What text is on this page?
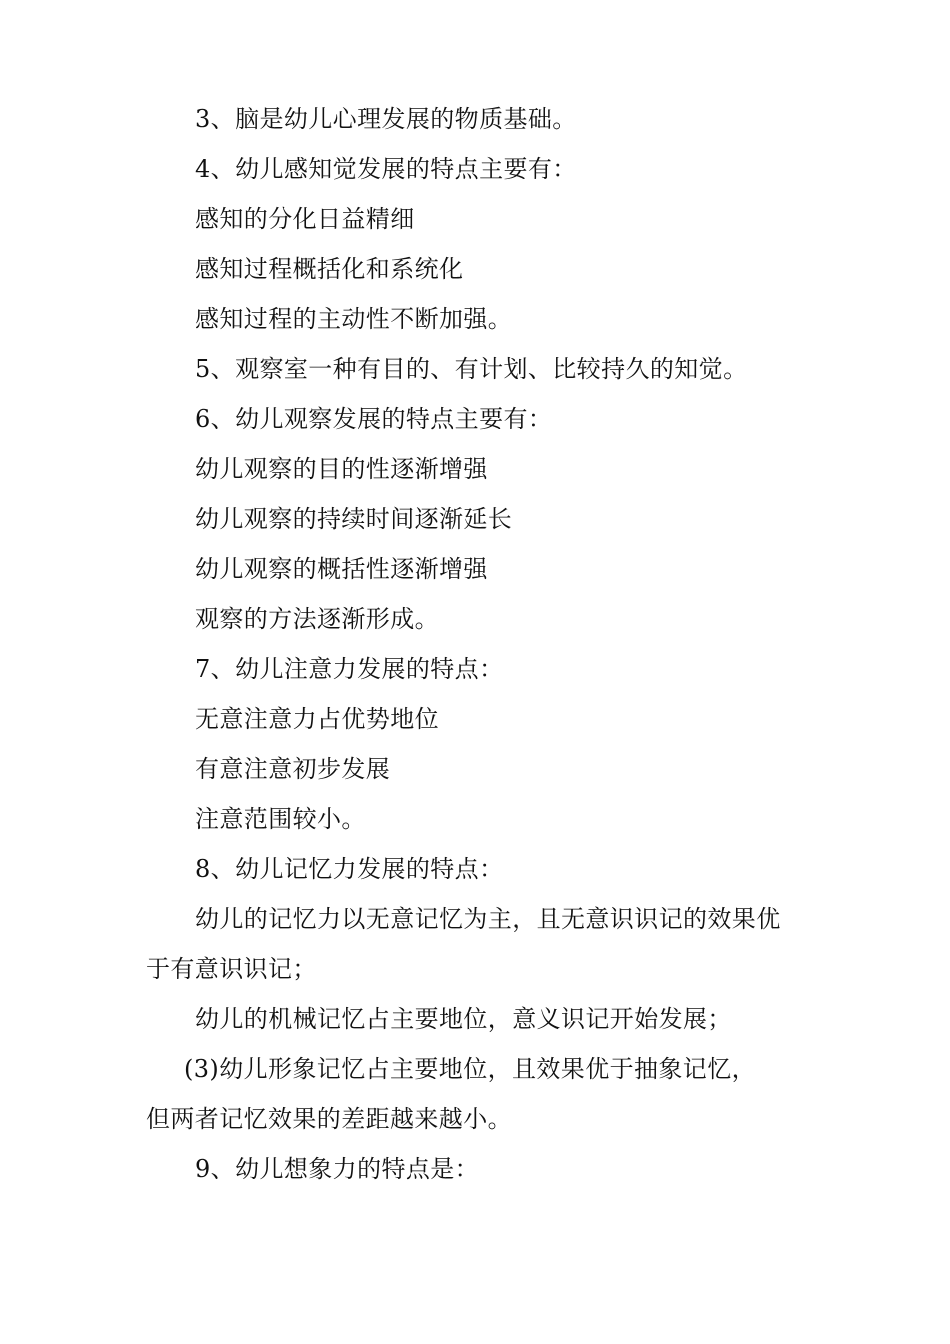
3、脑是幼儿心理发展的物质基础。
4、幼儿感知觉发展的特点主要有：
感知的分化日益精细
感知过程概括化和系统化
感知过程的主动性不断加强。
5、观察室一种有目的、有计划、比较持久的知觉。
6、幼儿观察发展的特点主要有：
幼儿观察的目的性逐渐增强
幼儿观察的持续时间逐渐延长
幼儿观察的概括性逐渐增强
观察的方法逐渐形成。
7、幼儿注意力发展的特点：
无意注意力占优势地位
有意注意初步发展
注意范围较小。
8、幼儿记忆力发展的特点：
幼儿的记忆力以无意记忆为主，且无意识识记的效果优
于有意识识记；
幼儿的机械记忆占主要地位，意义识记开始发展；
(3)幼儿形象记忆占主要地位，且效果优于抽象记忆，
但两者记忆效果的差距越来越小。
9、幼儿想象力的特点是：
